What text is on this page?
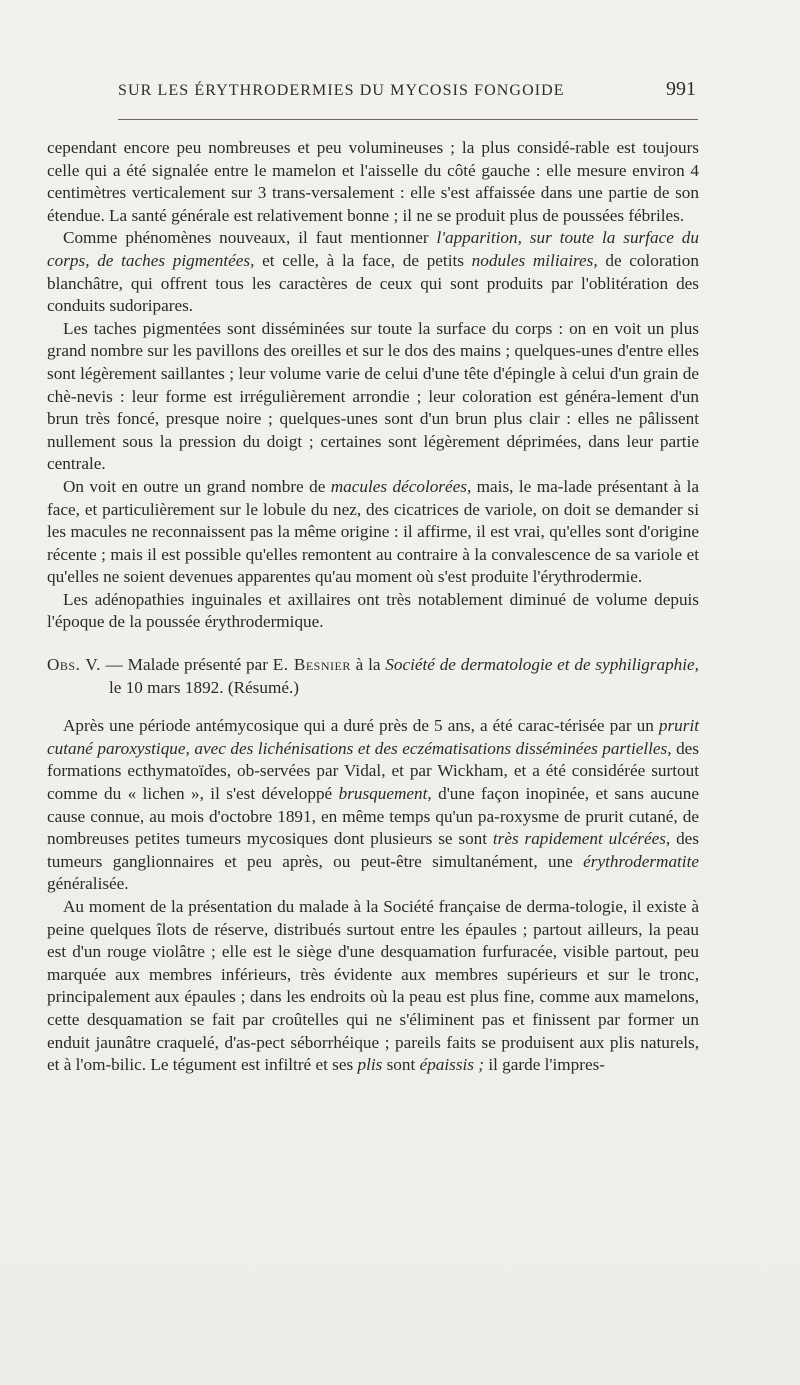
SUR LES ÉRYTHRODERMIES DU MYCOSIS FONGOIDE	991

cependant encore peu nombreuses et peu volumineuses ; la plus considé-rable est toujours celle qui a été signalée entre le mamelon et l'aisselle du côté gauche : elle mesure environ 4 centimètres verticalement sur 3 trans-versalement : elle s'est affaissée dans une partie de son étendue. La santé générale est relativement bonne ; il ne se produit plus de poussées fébriles.

Comme phénomènes nouveaux, il faut mentionner l'apparition, sur toute la surface du corps, de taches pigmentées, et celle, à la face, de petits nodules miliaires, de coloration blanchâtre, qui offrent tous les caractères de ceux qui sont produits par l'oblitération des conduits sudoripares.

Les taches pigmentées sont disséminées sur toute la surface du corps : on en voit un plus grand nombre sur les pavillons des oreilles et sur le dos des mains ; quelques-unes d'entre elles sont légèrement saillantes ; leur volume varie de celui d'une tête d'épingle à celui d'un grain de chè-nevis : leur forme est irrégulièrement arrondie ; leur coloration est généra-lement d'un brun très foncé, presque noire ; quelques-unes sont d'un brun plus clair : elles ne pâlissent nullement sous la pression du doigt ; certaines sont légèrement déprimées, dans leur partie centrale.

On voit en outre un grand nombre de macules décolorées, mais, le ma-lade présentant à la face, et particulièrement sur le lobule du nez, des cicatrices de variole, on doit se demander si les macules ne reconnaissent pas la même origine : il affirme, il est vrai, qu'elles sont d'origine récente ; mais il est possible qu'elles remontent au contraire à la convalescence de sa variole et qu'elles ne soient devenues apparentes qu'au moment où s'est produite l'érythrodermie.

Les adénopathies inguinales et axillaires ont très notablement diminué de volume depuis l'époque de la poussée érythrodermique.

Obs. V. — Malade présenté par E. Besnier à la Société de dermatologie et de syphiligraphie, le 10 mars 1892. (Résumé.)

Après une période antémycosique qui a duré près de 5 ans, a été carac-térisée par un prurit cutané paroxystique, avec des lichénisations et des eczématisations disséminées partielles, des formations ecthymatoïdes, ob-servées par Vidal, et par Wickham, et a été considérée surtout comme du « lichen », il s'est développé brusquement, d'une façon inopinée, et sans aucune cause connue, au mois d'octobre 1891, en même temps qu'un pa-roxysme de prurit cutané, de nombreuses petites tumeurs mycosiques dont plusieurs se sont très rapidement ulcérées, des tumeurs ganglionnaires et peu après, ou peut-être simultanément, une érythrodermatite généralisée.

Au moment de la présentation du malade à la Société française de derma-tologie, il existe à peine quelques îlots de réserve, distribués surtout entre les épaules ; partout ailleurs, la peau est d'un rouge violâtre ; elle est le siège d'une desquamation furfuracée, visible partout, peu marquée aux membres inférieurs, très évidente aux membres supérieurs et sur le tronc, principalement aux épaules ; dans les endroits où la peau est plus fine, comme aux mamelons, cette desquamation se fait par croûtelles qui ne s'éliminent pas et finissent par former un enduit jaunâtre craquelé, d'as-pect séborrhéique ; pareils faits se produisent aux plis naturels, et à l'om-bilic. Le tégument est infiltré et ses plis sont épaissis ; il garde l'impres-
